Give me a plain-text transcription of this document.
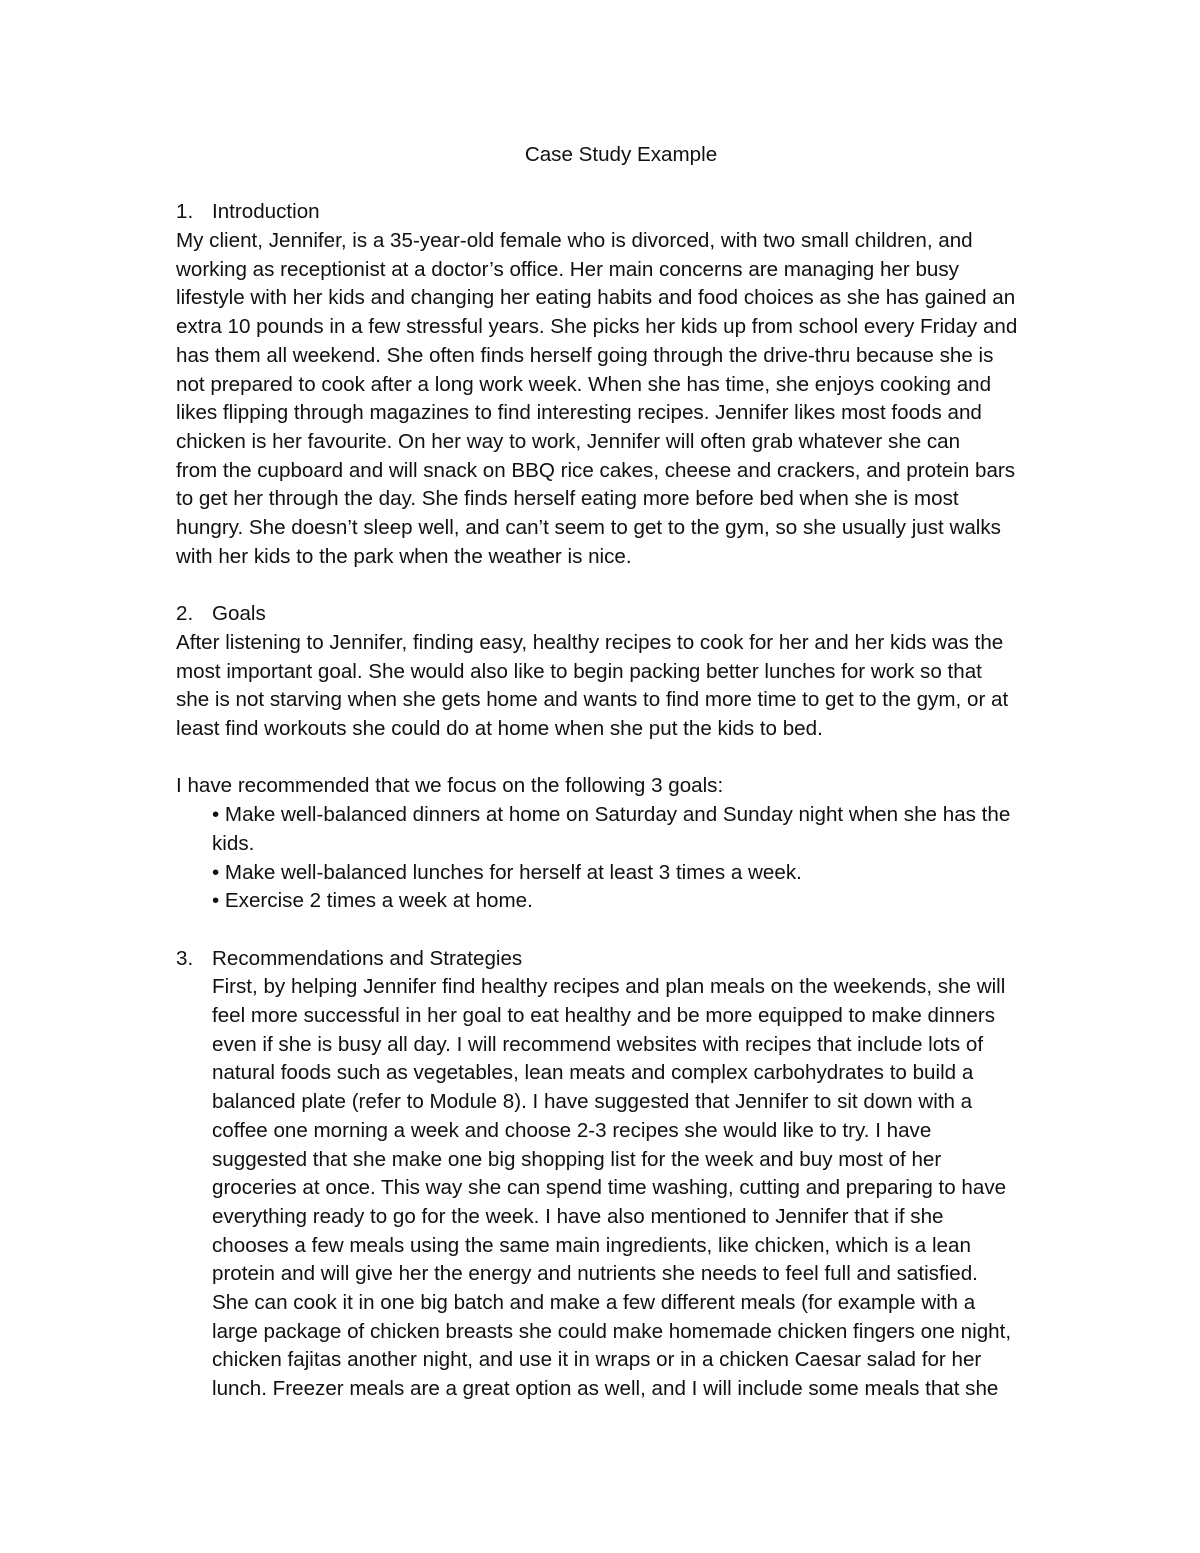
Case Study Example

1. Introduction
My client, Jennifer, is a 35-year-old female who is divorced, with two small children, and
working as receptionist at a doctor’s office. Her main concerns are managing her busy
lifestyle with her kids and changing her eating habits and food choices as she has gained an
extra 10 pounds in a few stressful years. She picks her kids up from school every Friday and
has them all weekend. She often finds herself going through the drive-thru because she is
not prepared to cook after a long work week. When she has time, she enjoys cooking and
likes flipping through magazines to find interesting recipes. Jennifer likes most foods and
chicken is her favourite. On her way to work, Jennifer will often grab whatever she can
from the cupboard and will snack on BBQ rice cakes, cheese and crackers, and protein bars
to get her through the day. She finds herself eating more before bed when she is most
hungry. She doesn’t sleep well, and can’t seem to get to the gym, so she usually just walks
with her kids to the park when the weather is nice.
2. Goals
After listening to Jennifer, finding easy, healthy recipes to cook for her and her kids was the
most important goal. She would also like to begin packing better lunches for work so that
she is not starving when she gets home and wants to find more time to get to the gym, or at
least find workouts she could do at home when she put the kids to bed.

I have recommended that we focus on the following 3 goals:

• Make well-balanced dinners at home on Saturday and Sunday night when she has the
kids.
• Make well-balanced lunches for herself at least 3 times a week.
• Exercise 2 times a week at home.
3. Recommendations and Strategies
First, by helping Jennifer find healthy recipes and plan meals on the weekends, she will
feel more successful in her goal to eat healthy and be more equipped to make dinners
even if she is busy all day. I will recommend websites with recipes that include lots of
natural foods such as vegetables, lean meats and complex carbohydrates to build a
balanced plate (refer to Module 8). I have suggested that Jennifer to sit down with a
coffee one morning a week and choose 2-3 recipes she would like to try. I have
suggested that she make one big shopping list for the week and buy most of her
groceries at once. This way she can spend time washing, cutting and preparing to have
everything ready to go for the week. I have also mentioned to Jennifer that if she
chooses a few meals using the same main ingredients, like chicken, which is a lean
protein and will give her the energy and nutrients she needs to feel full and satisfied.
She can cook it in one big batch and make a few different meals (for example with a
large package of chicken breasts she could make homemade chicken fingers one night,
chicken fajitas another night, and use it in wraps or in a chicken Caesar salad for her
lunch. Freezer meals are a great option as well, and I will include some meals that she
